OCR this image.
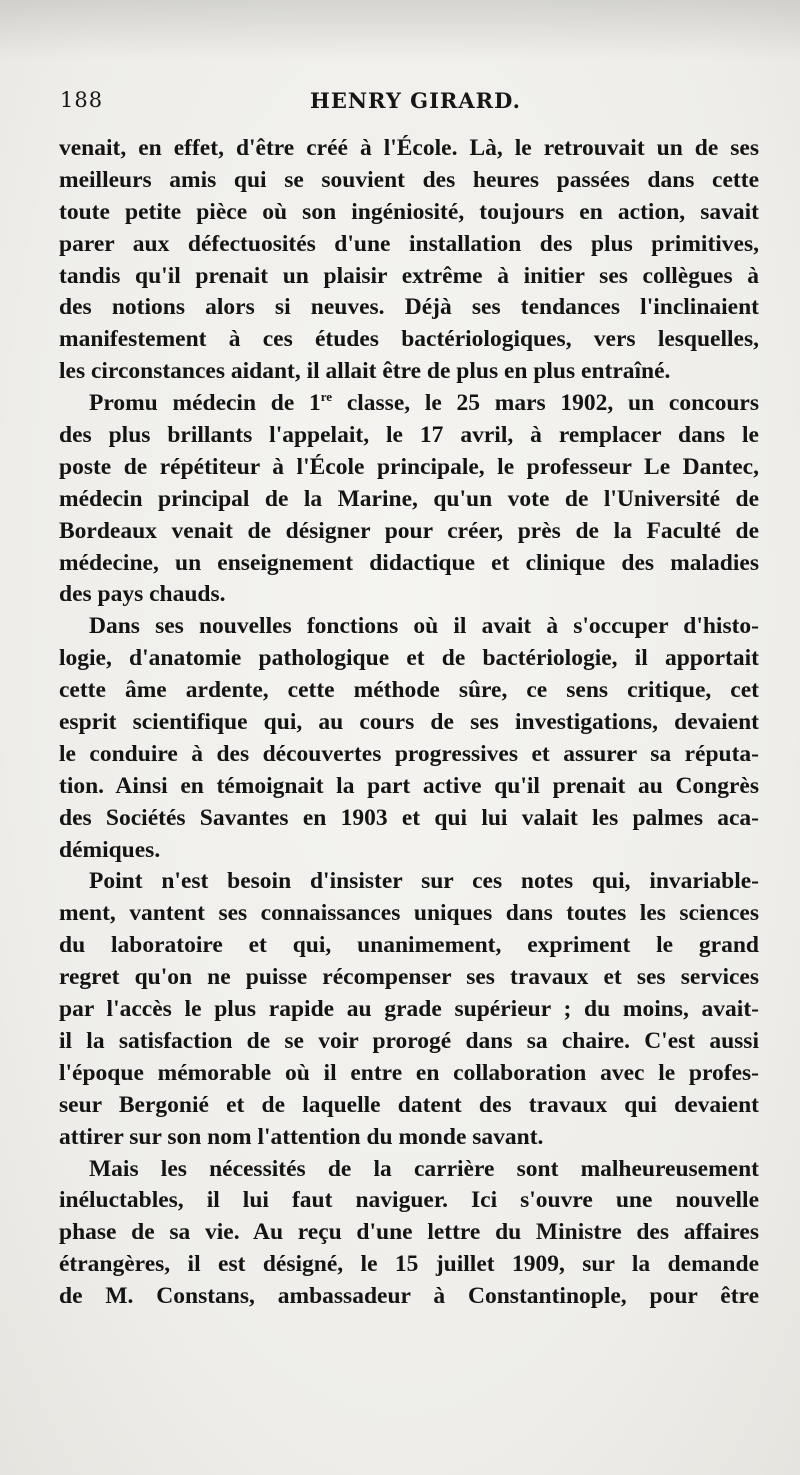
188	HENRY GIRARD.
venait, en effet, d'être créé à l'École. Là, le retrouvait un de ses
meilleurs amis qui se souvient des heures passées dans cette
toute petite pièce où son ingéniosité, toujours en action, savait
parer aux défectuosités d'une installation des plus primitives,
tandis qu'il prenait un plaisir extrême à initier ses collègues à
des notions alors si neuves. Déjà ses tendances l'inclinaient
manifestement à ces études bactériologiques, vers lesquelles,
les circonstances aidant, il allait être de plus en plus entraîné.
Promu médecin de 1re classe, le 25 mars 1902, un concours
des plus brillants l'appelait, le 17 avril, à remplacer dans le
poste de répétiteur à l'École principale, le professeur Le Dantec,
médecin principal de la Marine, qu'un vote de l'Université de
Bordeaux venait de désigner pour créer, près de la Faculté de
médecine, un enseignement didactique et clinique des maladies
des pays chauds.
Dans ses nouvelles fonctions où il avait à s'occuper d'histo-
logie, d'anatomie pathologique et de bactériologie, il apportait
cette âme ardente, cette méthode sûre, ce sens critique, cet
esprit scientifique qui, au cours de ses investigations, devaient
le conduire à des découvertes progressives et assurer sa réputa-
tion. Ainsi en témoignait la part active qu'il prenait au Congrès
des Sociétés Savantes en 1903 et qui lui valait les palmes aca-
démiques.
Point n'est besoin d'insister sur ces notes qui, invariable-
ment, vantent ses connaissances uniques dans toutes les sciences
du laboratoire et qui, unanimement, expriment le grand
regret qu'on ne puisse récompenser ses travaux et ses services
par l'accès le plus rapide au grade supérieur ; du moins, avait-
il la satisfaction de se voir prorogé dans sa chaire. C'est aussi
l'époque mémorable où il entre en collaboration avec le profes-
seur Bergonié et de laquelle datent des travaux qui devaient
attirer sur son nom l'attention du monde savant.
Mais les nécessités de la carrière sont malheureusement
inéluctables, il lui faut naviguer. Ici s'ouvre une nouvelle
phase de sa vie. Au reçu d'une lettre du Ministre des affaires
étrangères, il est désigné, le 15 juillet 1909, sur la demande
de M. Constans, ambassadeur à Constantinople, pour être
